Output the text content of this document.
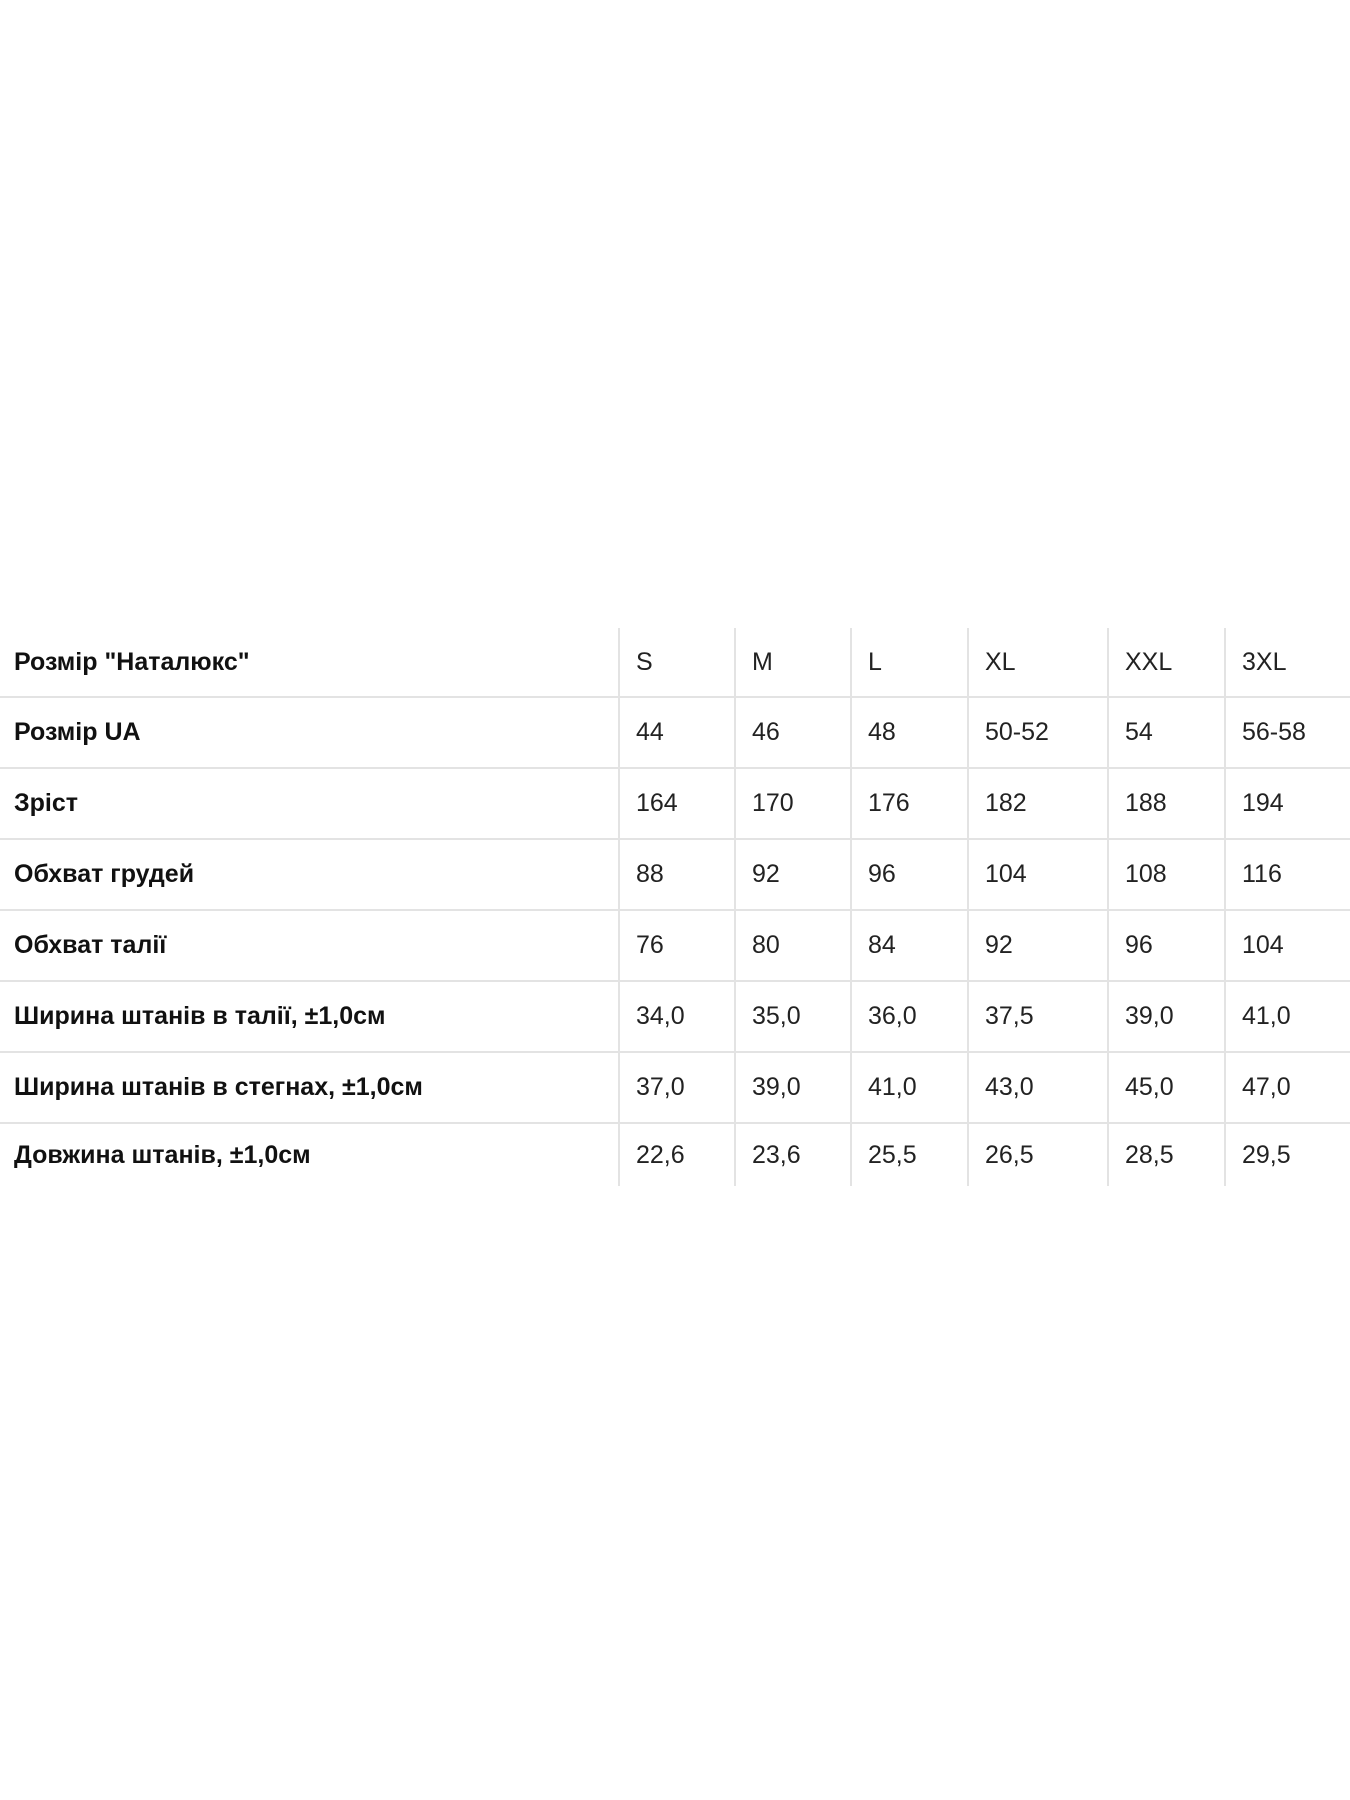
Розмір "Наталюкс"	S	M	L	XL	XXL	3XL
Розмір UA	44	46	48	50-52	54	56-58
Зріст	164	170	176	182	188	194
Обхват грудей	88	92	96	104	108	116
Обхват талії	76	80	84	92	96	104
Ширина штанів в талії, ±1,0см	34,0	35,0	36,0	37,5	39,0	41,0
Ширина штанів в стегнах, ±1,0см	37,0	39,0	41,0	43,0	45,0	47,0
Довжина штанів, ±1,0см	22,6	23,6	25,5	26,5	28,5	29,5
